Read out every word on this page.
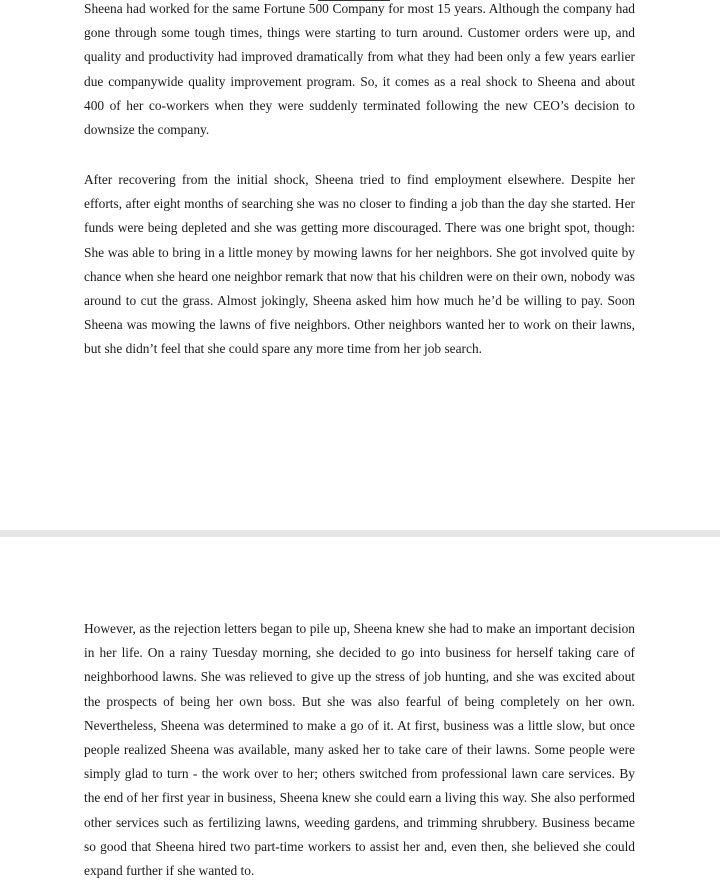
Sheena had worked for the same Fortune 500 Company for most 15 years. Although the company had gone through some tough times, things were starting to turn around. Customer orders were up, and quality and productivity had improved dramatically from what they had been only a few years earlier due companywide quality improvement program. So, it comes as a real shock to Sheena and about 400 of her co-workers when they were suddenly terminated following the new CEO’s decision to downsize the company.

After recovering from the initial shock, Sheena tried to find employment elsewhere. Despite her efforts, after eight months of searching she was no closer to finding a job than the day she started. Her funds were being depleted and she was getting more discouraged. There was one bright spot, though: She was able to bring in a little money by mowing lawns for her neighbors. She got involved quite by chance when she heard one neighbor remark that now that his children were on their own, nobody was around to cut the grass. Almost jokingly, Sheena asked him how much he’d be willing to pay. Soon Sheena was mowing the lawns of five neighbors. Other neighbors wanted her to work on their lawns, but she didn’t feel that she could spare any more time from her job search.

However, as the rejection letters began to pile up, Sheena knew she had to make an important decision in her life. On a rainy Tuesday morning, she decided to go into business for herself taking care of neighborhood lawns. She was relieved to give up the stress of job hunting, and she was excited about the prospects of being her own boss. But she was also fearful of being completely on her own. Nevertheless, Sheena was determined to make a go of it. At first, business was a little slow, but once people realized Sheena was available, many asked her to take care of their lawns. Some people were simply glad to turn - the work over to her; others switched from professional lawn care services. By the end of her first year in business, Sheena knew she could earn a living this way. She also performed other services such as fertilizing lawns, weeding gardens, and trimming shrubbery. Business became so good that Sheena hired two part-time workers to assist her and, even then, she believed she could expand further if she wanted to.
